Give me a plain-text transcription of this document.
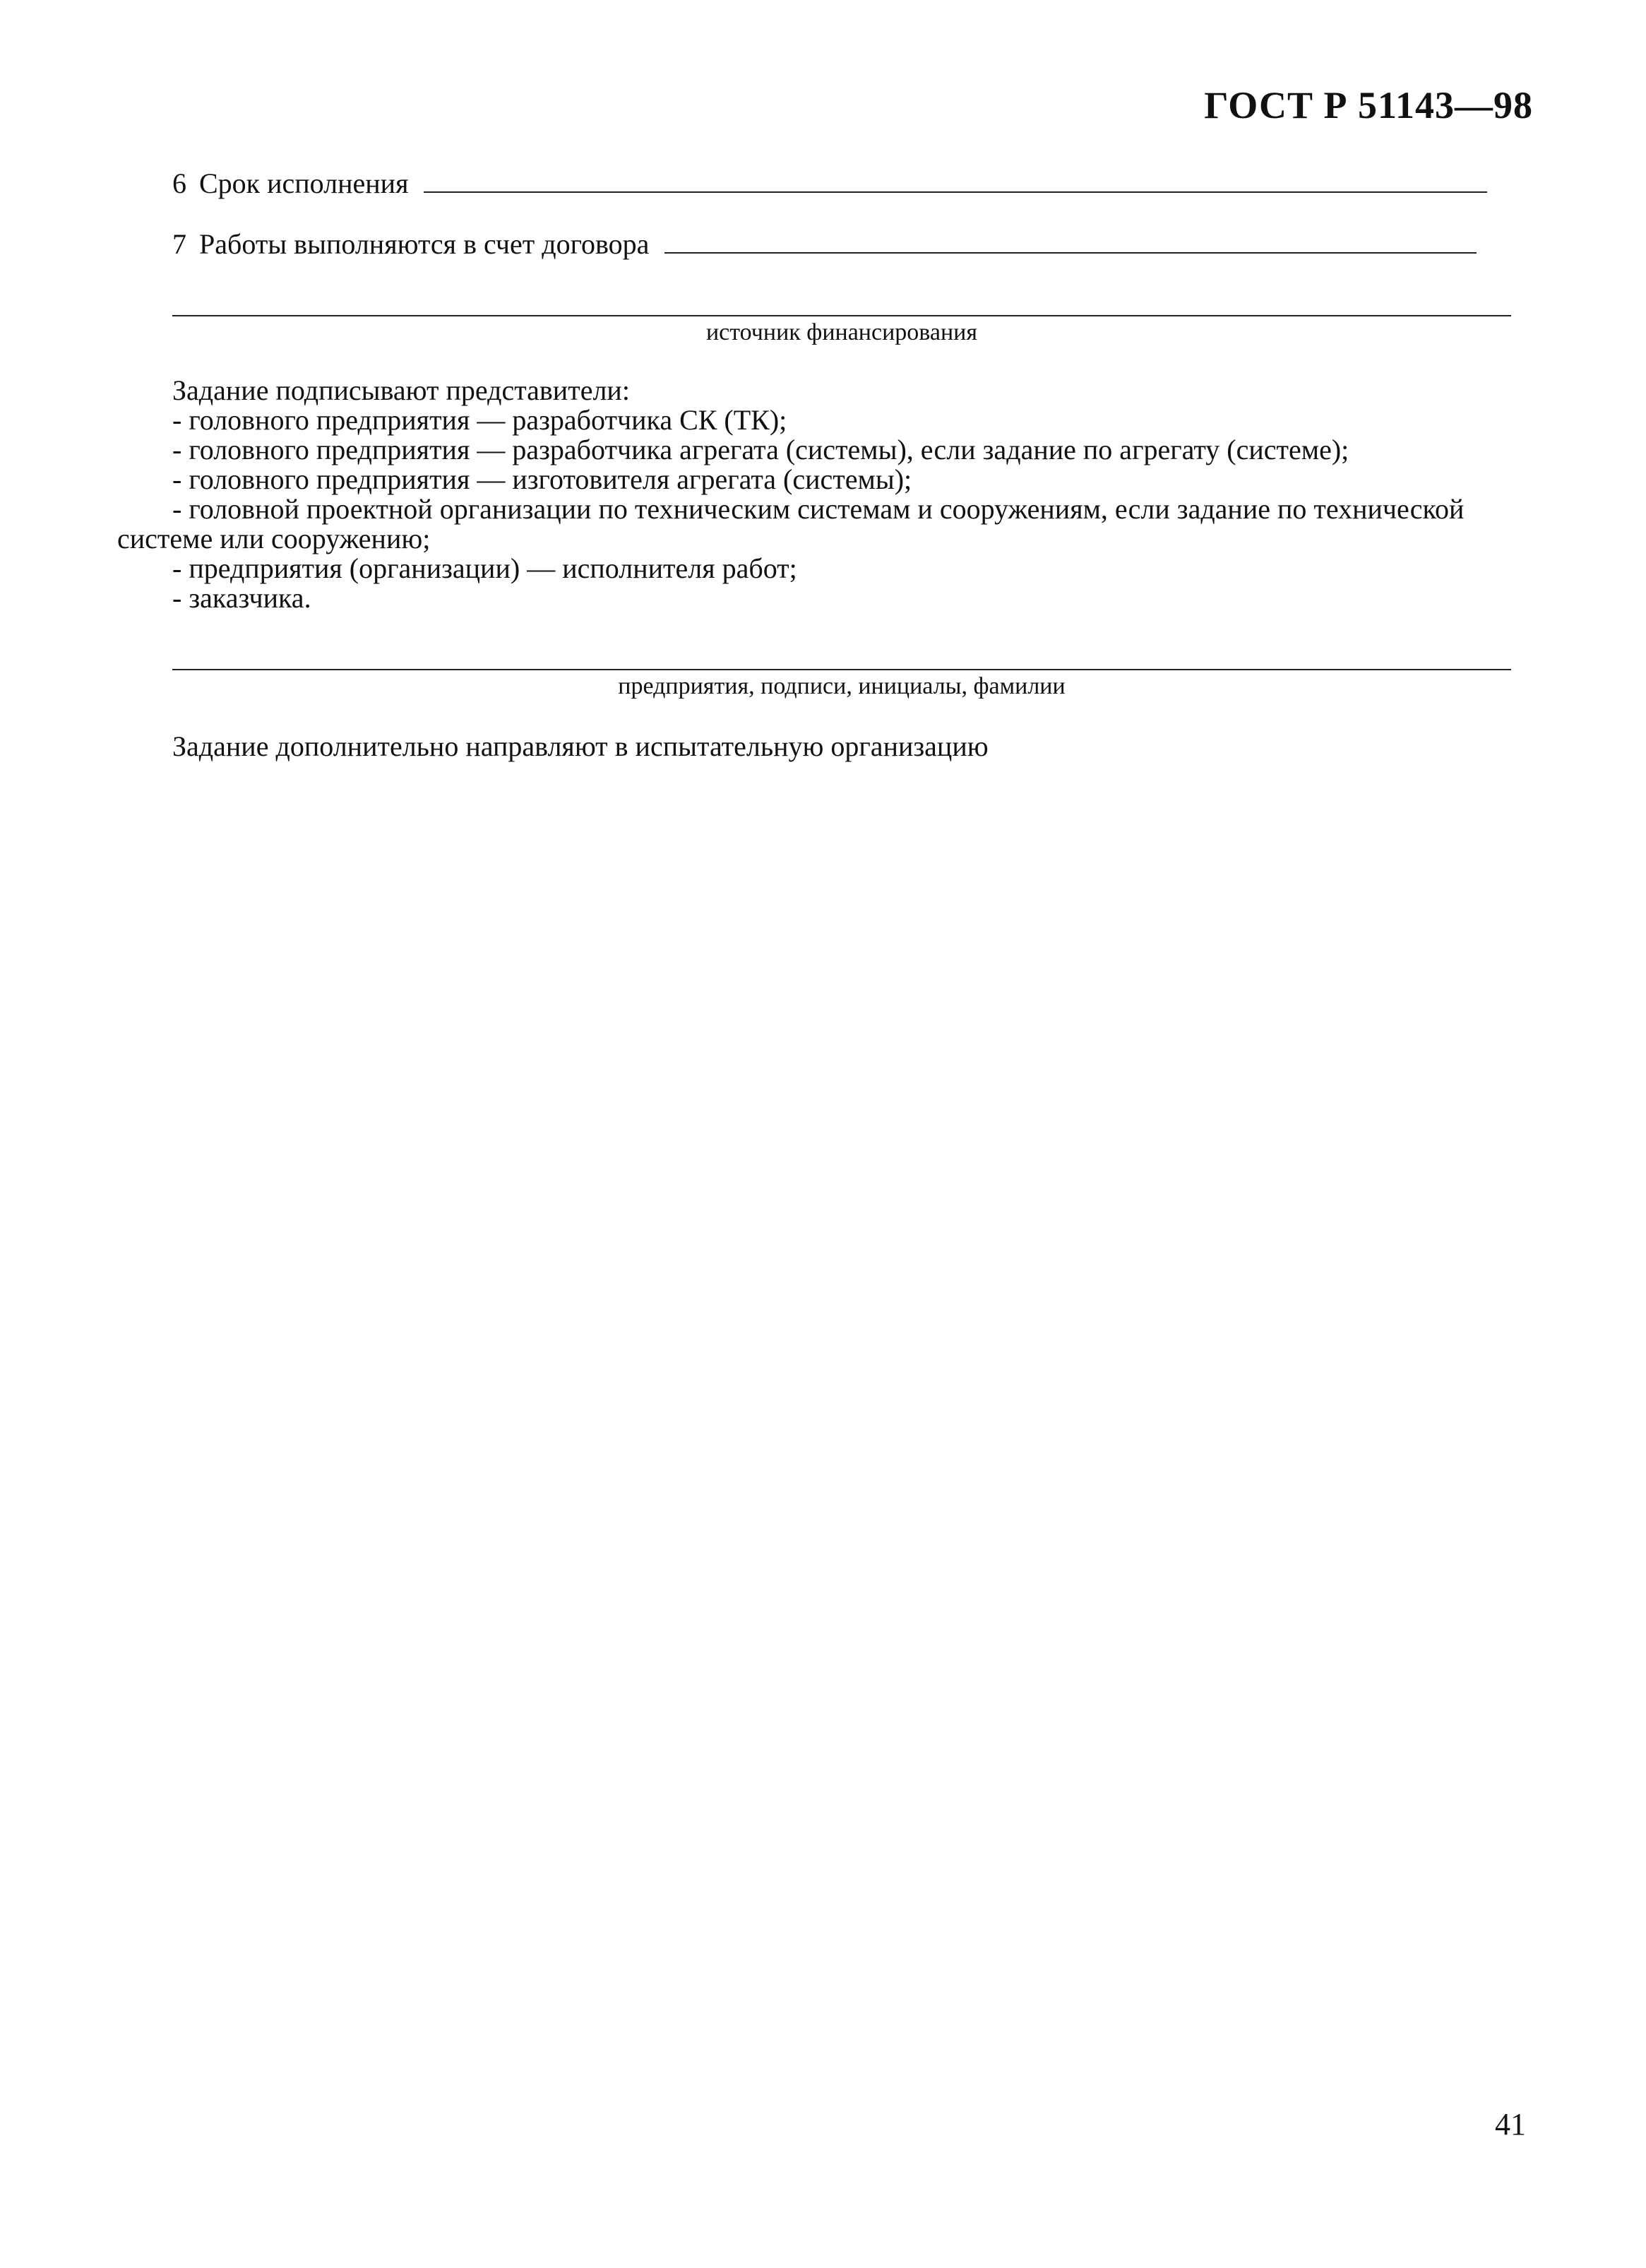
ГОСТ Р 51143—98
6 Срок исполнения
7 Работы выполняются в счет договора
источник финансирования
Задание подписывают представители:
- головного предприятия — разработчика СК (ТК);
- головного предприятия — разработчика агрегата (системы), если задание по агрегату (системе);
- головного предприятия — изготовителя агрегата (системы);
- головной проектной организации по техническим системам и сооружениям, если задание по технической системе или сооружению;
- предприятия (организации) — исполнителя работ;
- заказчика.
предприятия, подписи, инициалы, фамилии
Задание дополнительно направляют в испытательную организацию
41
